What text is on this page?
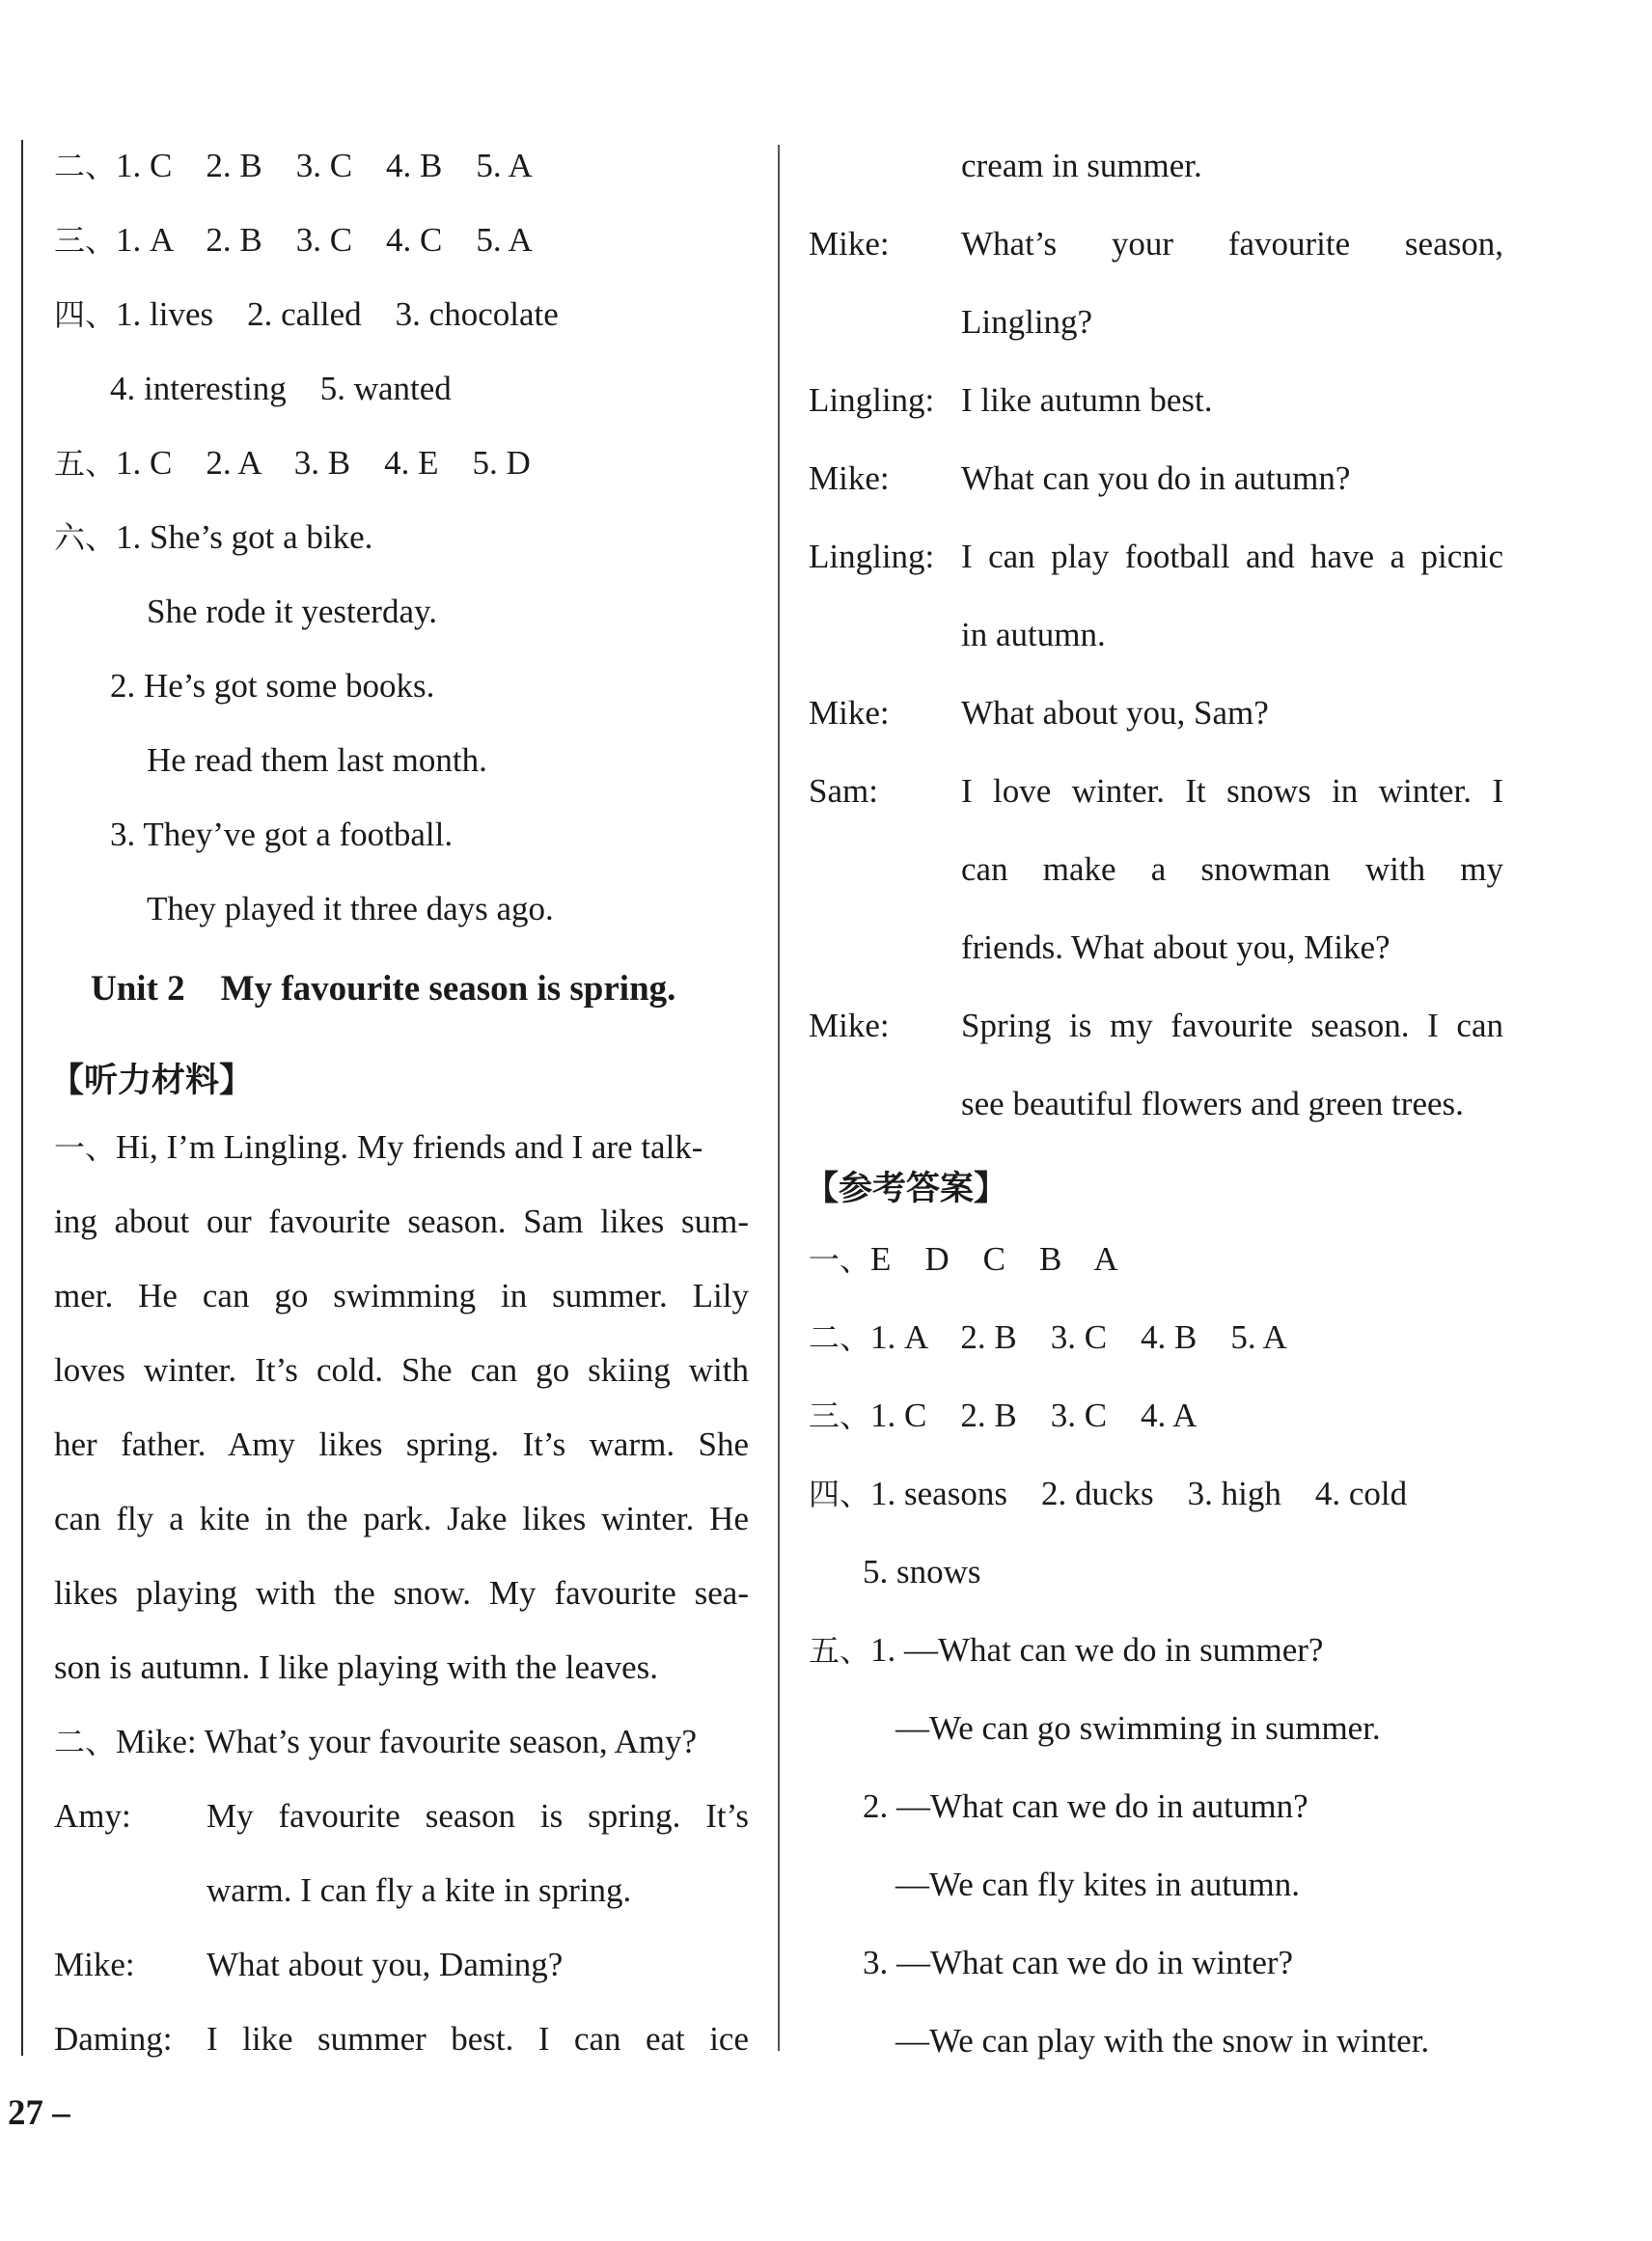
二、1. C    2. B    3. C    4. B    5. A
三、1. A    2. B    3. C    4. C    5. A
四、1. lives    2. called    3. chocolate
4. interesting    5. wanted
五、1. C    2. A    3. B    4. E    5. D
六、1. She’s got a bike.
She rode it yesterday.
2. He’s got some books.
He read them last month.
3. They’ve got a football.
They played it three days ago.
Unit 2    My favourite season is spring.
【听力材料】
一、Hi, I’m Lingling. My friends and I are talk-
ing about our favourite season. Sam likes sum-
mer. He can go swimming in summer. Lily
loves winter. It’s cold. She can go skiing with
her father. Amy likes spring. It’s warm. She
can fly a kite in the park. Jake likes winter. He
likes playing with the snow. My favourite sea-
son is autumn. I like playing with the leaves.
二、Mike: What’s your favourite season, Amy?
Amy: My favourite season is spring. It’s
warm. I can fly a kite in spring.
Mike: What about you, Daming?
Daming: I like summer best. I can eat ice
cream in summer.
Mike: What’s your favourite season,
Lingling?
Lingling: I like autumn best.
Mike: What can you do in autumn?
Lingling: I can play football and have a picnic
in autumn.
Mike: What about you, Sam?
Sam: I love winter. It snows in winter. I
can make a snowman with my
friends. What about you, Mike?
Mike: Spring is my favourite season. I can
see beautiful flowers and green trees.
【参考答案】
一、E    D    C    B    A
二、1. A    2. B    3. C    4. B    5. A
三、1. C    2. B    3. C    4. A
四、1. seasons    2. ducks    3. high    4. cold
5. snows
五、1. —What can we do in summer?
—We can go swimming in summer.
2. —What can we do in autumn?
—We can fly kites in autumn.
3. —What can we do in winter?
—We can play with the snow in winter.
27 –
